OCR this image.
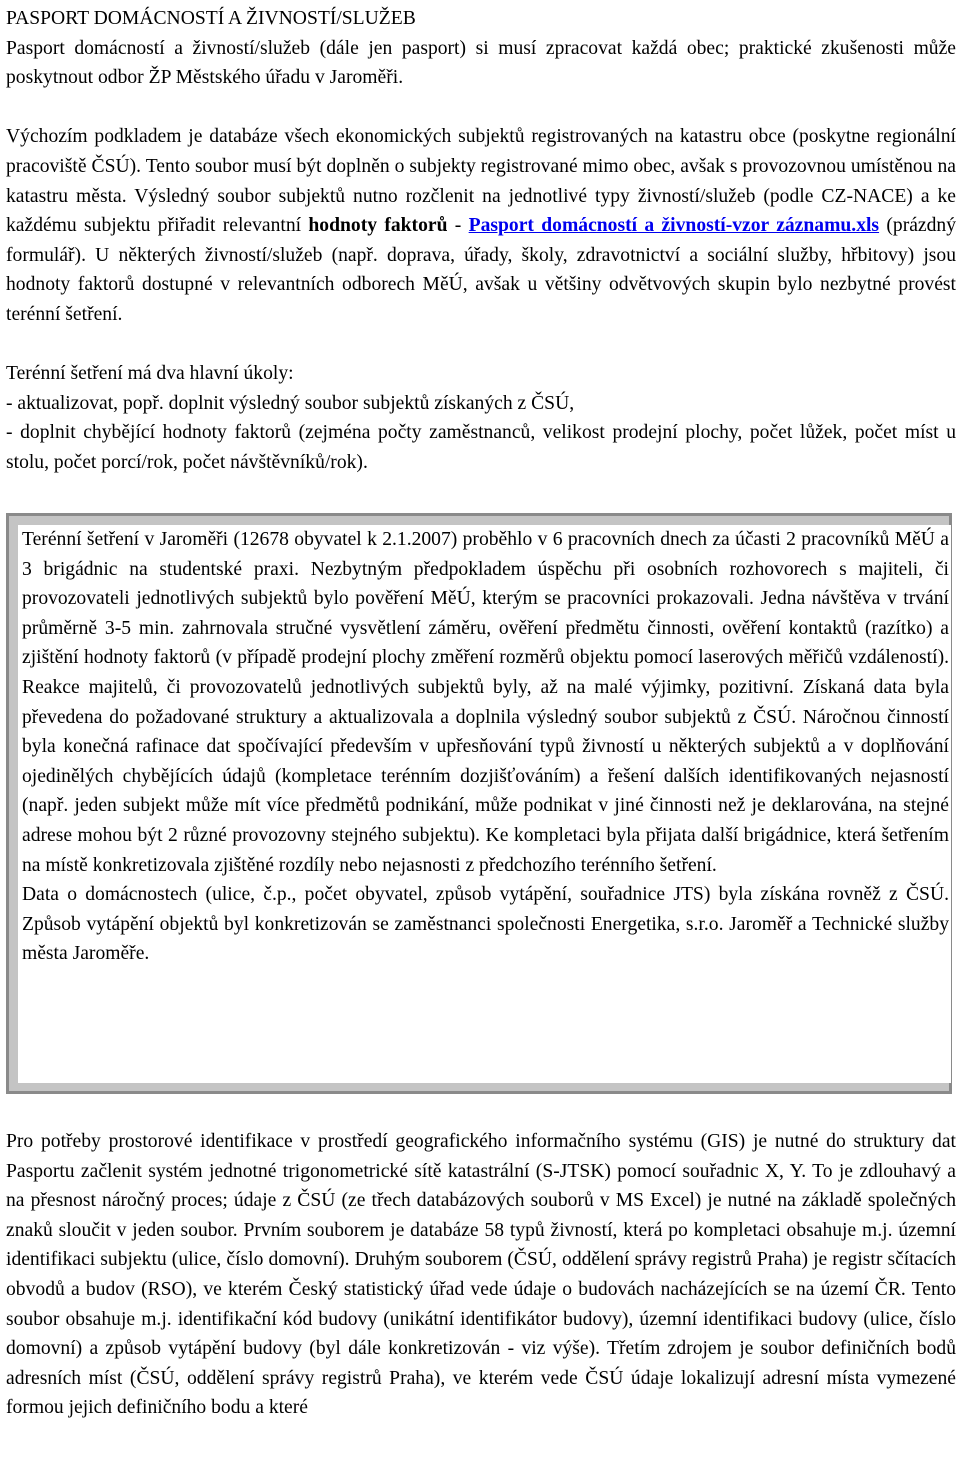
PASPORT DOMÁCNOSTÍ A ŽIVNOSTÍ/SLUŽEB

Pasport domácností a živností/služeb (dále jen pasport) si musí zpracovat každá obec; praktické zkušenosti může poskytnout odbor ŽP Městského úřadu v Jaroměři.

Výchozím podkladem je databáze všech ekonomických subjektů registrovaných na katastru obce (poskytne regionální pracoviště ČSÚ). Tento soubor musí být doplněn o subjekty registrované mimo obec, avšak s provozovnou umístěnou na katastru města. Výsledný soubor subjektů nutno rozčlenit na jednotlivé typy živností/služeb (podle CZ-NACE) a ke každému subjektu přiřadit relevantní hodnoty faktorů - Pasport domácností a živností-vzor záznamu.xls (prázdný formulář). U některých živností/služeb (např. doprava, úřady, školy, zdravotnictví a sociální služby, hřbitovy) jsou hodnoty faktorů dostupné v relevantních odborech MěÚ, avšak u většiny odvětvových skupin bylo nezbytné provést terénní šetření.

Terénní šetření má dva hlavní úkoly:

- aktualizovat, popř. doplnit výsledný soubor subjektů získaných z ČSÚ,

- doplnit chybějící hodnoty faktorů (zejména počty zaměstnanců, velikost prodejní plochy, počet lůžek, počet míst u stolu, počet porcí/rok, počet návštěvníků/rok).

Terénní šetření v Jaroměři (12678 obyvatel k 2.1.2007) proběhlo v 6 pracovních dnech za účasti 2 pracovníků MěÚ a 3 brigádnic na studentské praxi. Nezbytným předpokladem úspěchu při osobních rozhovorech s majiteli, či provozovateli jednotlivých subjektů bylo pověření MěÚ, kterým se pracovníci prokazovali. Jedna návštěva v trvání průměrně 3-5 min. zahrnovala stručné vysvětlení záměru, ověření předmětu činnosti, ověření kontaktů (razítko) a zjištění hodnoty faktorů (v případě prodejní plochy změření rozměrů objektu pomocí laserových měřičů vzdáleností). Reakce majitelů, či provozovatelů jednotlivých subjektů byly, až na malé výjimky, pozitivní. Získaná data byla převedena do požadované struktury a aktualizovala a doplnila výsledný soubor subjektů z ČSÚ. Náročnou činností byla konečná rafinace dat spočívající především v upřesňování typů živností u některých subjektů a v doplňování ojedinělých chybějících údajů (kompletace terénním dozjišťováním) a řešení dalších identifikovaných nejasností (např. jeden subjekt může mít více předmětů podnikání, může podnikat v jiné činnosti než je deklarována, na stejné adrese mohou být 2 různé provozovny stejného subjektu). Ke kompletaci byla přijata další brigádnice, která šetřením na místě konkretizovala zjištěné rozdíly nebo nejasnosti z předchozího terénního šetření.

Data o domácnostech (ulice, č.p., počet obyvatel, způsob vytápění, souřadnice JTS) byla získána rovněž z ČSÚ. Způsob vytápění objektů byl konkretizován se zaměstnanci společnosti Energetika, s.r.o. Jaroměř a Technické služby města Jaroměře.

Pro potřeby prostorové identifikace v prostředí geografického informačního systému (GIS) je nutné do struktury dat Pasportu začlenit systém jednotné trigonometrické sítě katastrální (S-JTSK) pomocí souřadnic X, Y. To je zdlouhavý a na přesnost náročný proces; údaje z ČSÚ (ze třech databázových souborů v MS Excel) je nutné na základě společných znaků sloučit v jeden soubor. Prvním souborem je databáze 58 typů živností, která po kompletaci obsahuje m.j. územní identifikaci subjektu (ulice, číslo domovní). Druhým souborem (ČSÚ, oddělení správy registrů Praha) je registr sčítacích obvodů a budov (RSO), ve kterém Český statistický úřad vede údaje o budovách nacházejících se na území ČR. Tento soubor obsahuje m.j. identifikační kód budovy (unikátní identifikátor budovy), územní identifikaci budovy (ulice, číslo domovní) a způsob vytápění budovy (byl dále konkretizován - viz výše). Třetím zdrojem je soubor definičních bodů adresních míst (ČSÚ, oddělení správy registrů Praha), ve kterém vede ČSÚ údaje lokalizují adresní místa vymezené formou jejich definičního bodu a které
